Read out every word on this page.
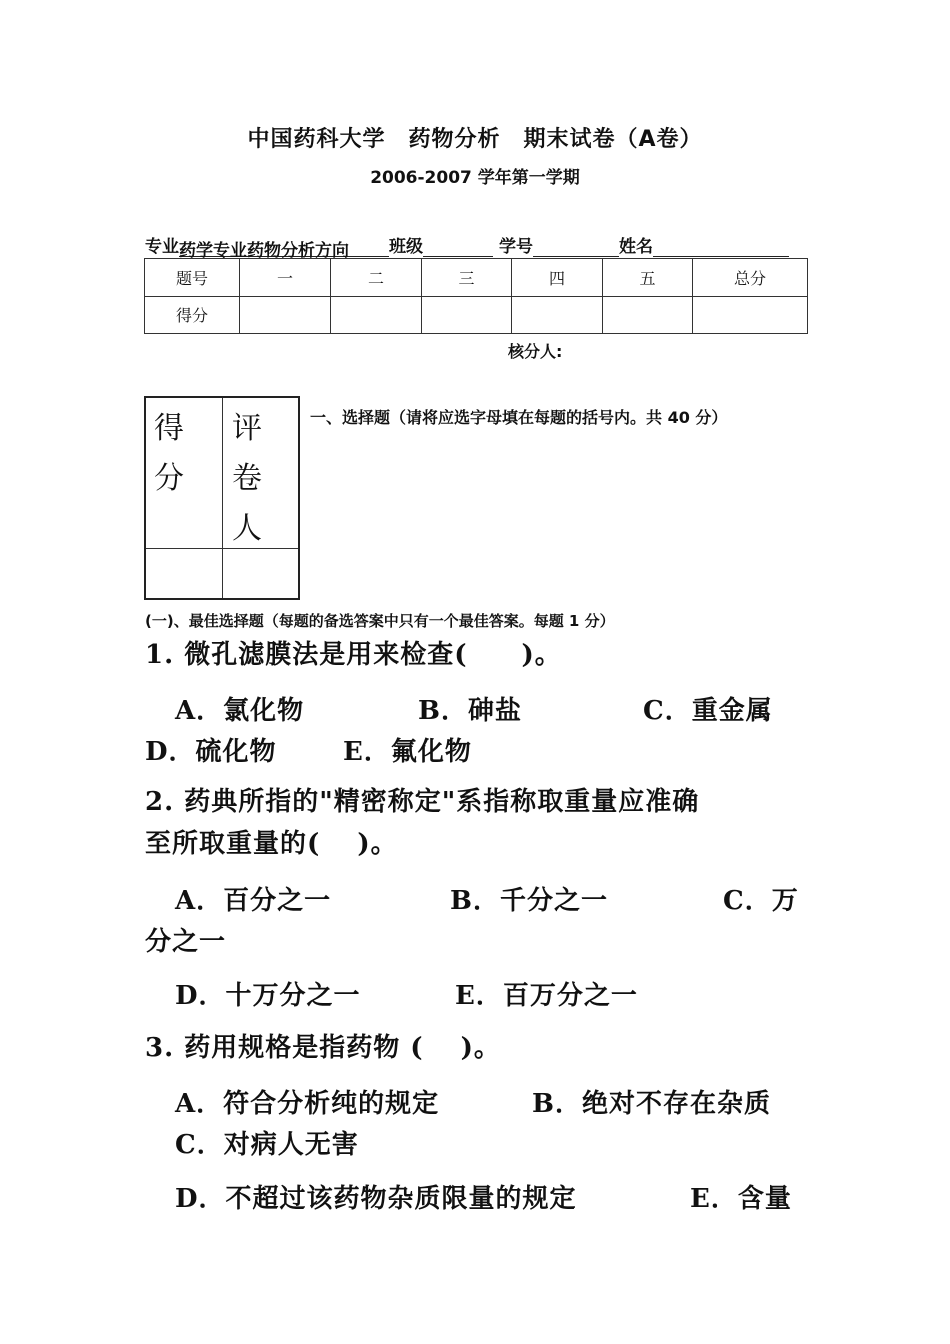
中国药科大学　药物分析　期末试卷（A卷）
2006-2007 学年第一学期
专业药学专业药物分析方向 班级	学号	姓名
题号	一	二	三	四	五	总分
得分						
核分人:
得
分
评
卷
人
一、选择题（请将应选字母填在每题的括号内。共 40 分）
(一)、最佳选择题（每题的备选答案中只有一个最佳答案。每题 1 分）
1. 微孔滤膜法是用来检查(　　)。
A．氯化物	B．砷盐	C．重金属
D．硫化物	E．氟化物
2. 药典所指的"精密称定"系指称取重量应准确
至所取重量的(　 )。
A．百分之一	B．千分之一	C．万
分之一
D．十万分之一	E．百万分之一
3. 药用规格是指药物 (　 )。
A．符合分析纯的规定	B．绝对不存在杂质
C．对病人无害
D．不超过该药物杂质限量的规定	E．含量
